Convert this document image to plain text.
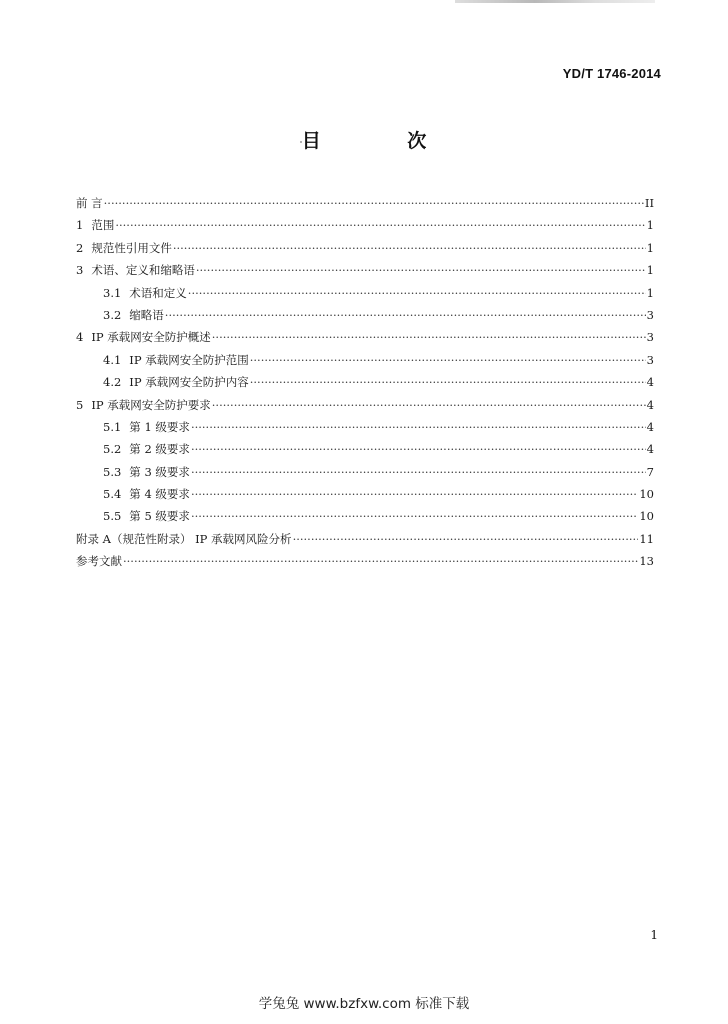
YD/T 1746-2014
目 次
前 言 ·····	II
1 范围 ·····	1
2 规范性引用文件 ·····	1
3 术语、定义和缩略语 ·····	1
3.1 术语和定义 ·····	1
3.2 缩略语 ·····	3
4 IP 承载网安全防护概述 ·····	3
4.1 IP 承载网安全防护范围 ·····	3
4.2 IP 承载网安全防护内容 ·····	4
5 IP 承载网安全防护要求 ·····	4
5.1 第 1 级要求 ·····	4
5.2 第 2 级要求 ·····	4
5.3 第 3 级要求 ·····	7
5.4 第 4 级要求 ·····	10
5.5 第 5 级要求 ·····	10
附录 A（规范性附录） IP 承载网风险分析 ·····	11
参考文献 ·····	13
1
学兔兔 www.bzfxw.com 标准下载
